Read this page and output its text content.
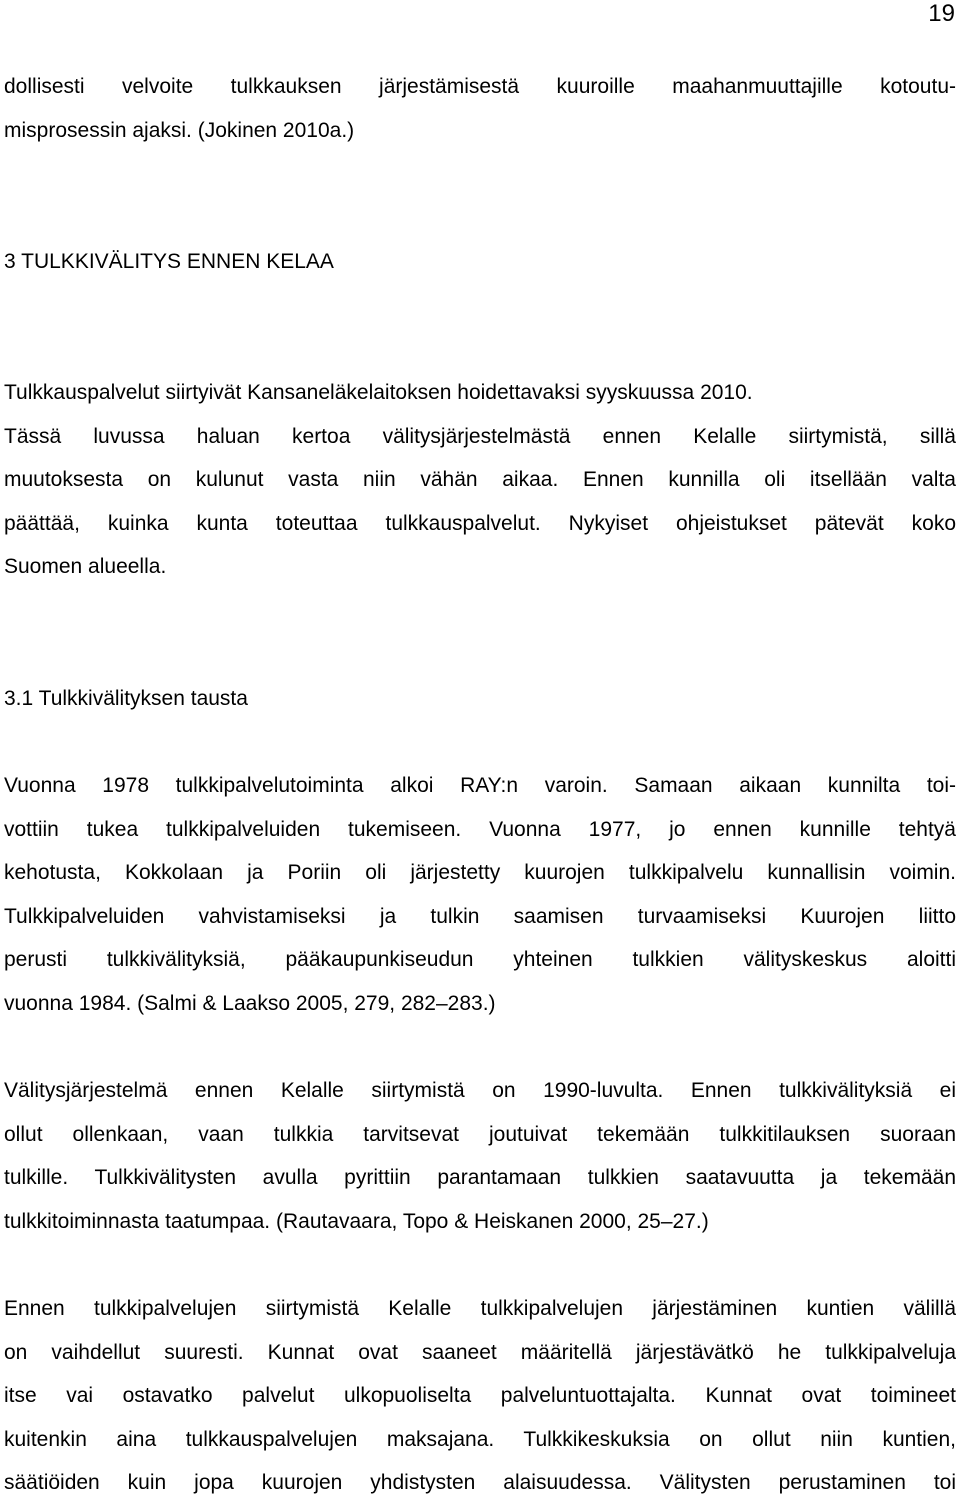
19
dollisesti velvoite tulkkauksen järjestämisestä kuuroille maahanmuuttajille kotoutu-
misprosessin ajaksi. (Jokinen 2010a.)
3 TULKKIVÄLITYS ENNEN KELAA
Tulkkauspalvelut siirtyivät Kansaneläkelaitoksen hoidettavaksi syyskuussa 2010.
Tässä luvussa haluan kertoa välitysjärjestelmästä ennen Kelalle siirtymistä, sillä
muutoksesta on kulunut vasta niin vähän aikaa. Ennen kunnilla oli itsellään valta
päättää, kuinka kunta toteuttaa tulkkauspalvelut. Nykyiset ohjeistukset pätevät koko
Suomen alueella.
3.1 Tulkkivälityksen tausta
Vuonna 1978 tulkkipalvelutoiminta alkoi RAY:n varoin. Samaan aikaan kunnilta toi-
vottiin tukea tulkkipalveluiden tukemiseen. Vuonna 1977, jo ennen kunnille tehtyä
kehotusta, Kokkolaan ja Poriin oli järjestetty kuurojen tulkkipalvelu kunnallisin voimin.
Tulkkipalveluiden vahvistamiseksi ja tulkin saamisen turvaamiseksi Kuurojen liitto
perusti tulkkivälityksiä, pääkaupunkiseudun yhteinen tulkkien välityskeskus aloitti
vuonna 1984. (Salmi & Laakso 2005, 279, 282–283.)
Välitysjärjestelmä ennen Kelalle siirtymistä on 1990-luvulta. Ennen tulkkivälityksiä ei
ollut ollenkaan, vaan tulkkia tarvitsevat joutuivat tekemään tulkkitilauksen suoraan
tulkille. Tulkkivälitysten avulla pyrittiin parantamaan tulkkien saatavuutta ja tekemään
tulkkitoiminnasta taatumpaa. (Rautavaara, Topo & Heiskanen 2000, 25–27.)
Ennen tulkkipalvelujen siirtymistä Kelalle tulkkipalvelujen järjestäminen kuntien välillä
on vaihdellut suuresti. Kunnat ovat saaneet määritellä järjestävätkö he tulkkipalveluja
itse vai ostavatko palvelut ulkopuoliselta palveluntuottajalta. Kunnat ovat toimineet
kuitenkin aina tulkkauspalvelujen maksajana. Tulkkikeskuksia on ollut niin kuntien,
säätiöiden kuin jopa kuurojen yhdistysten alaisuudessa. Välitysten perustaminen toi
